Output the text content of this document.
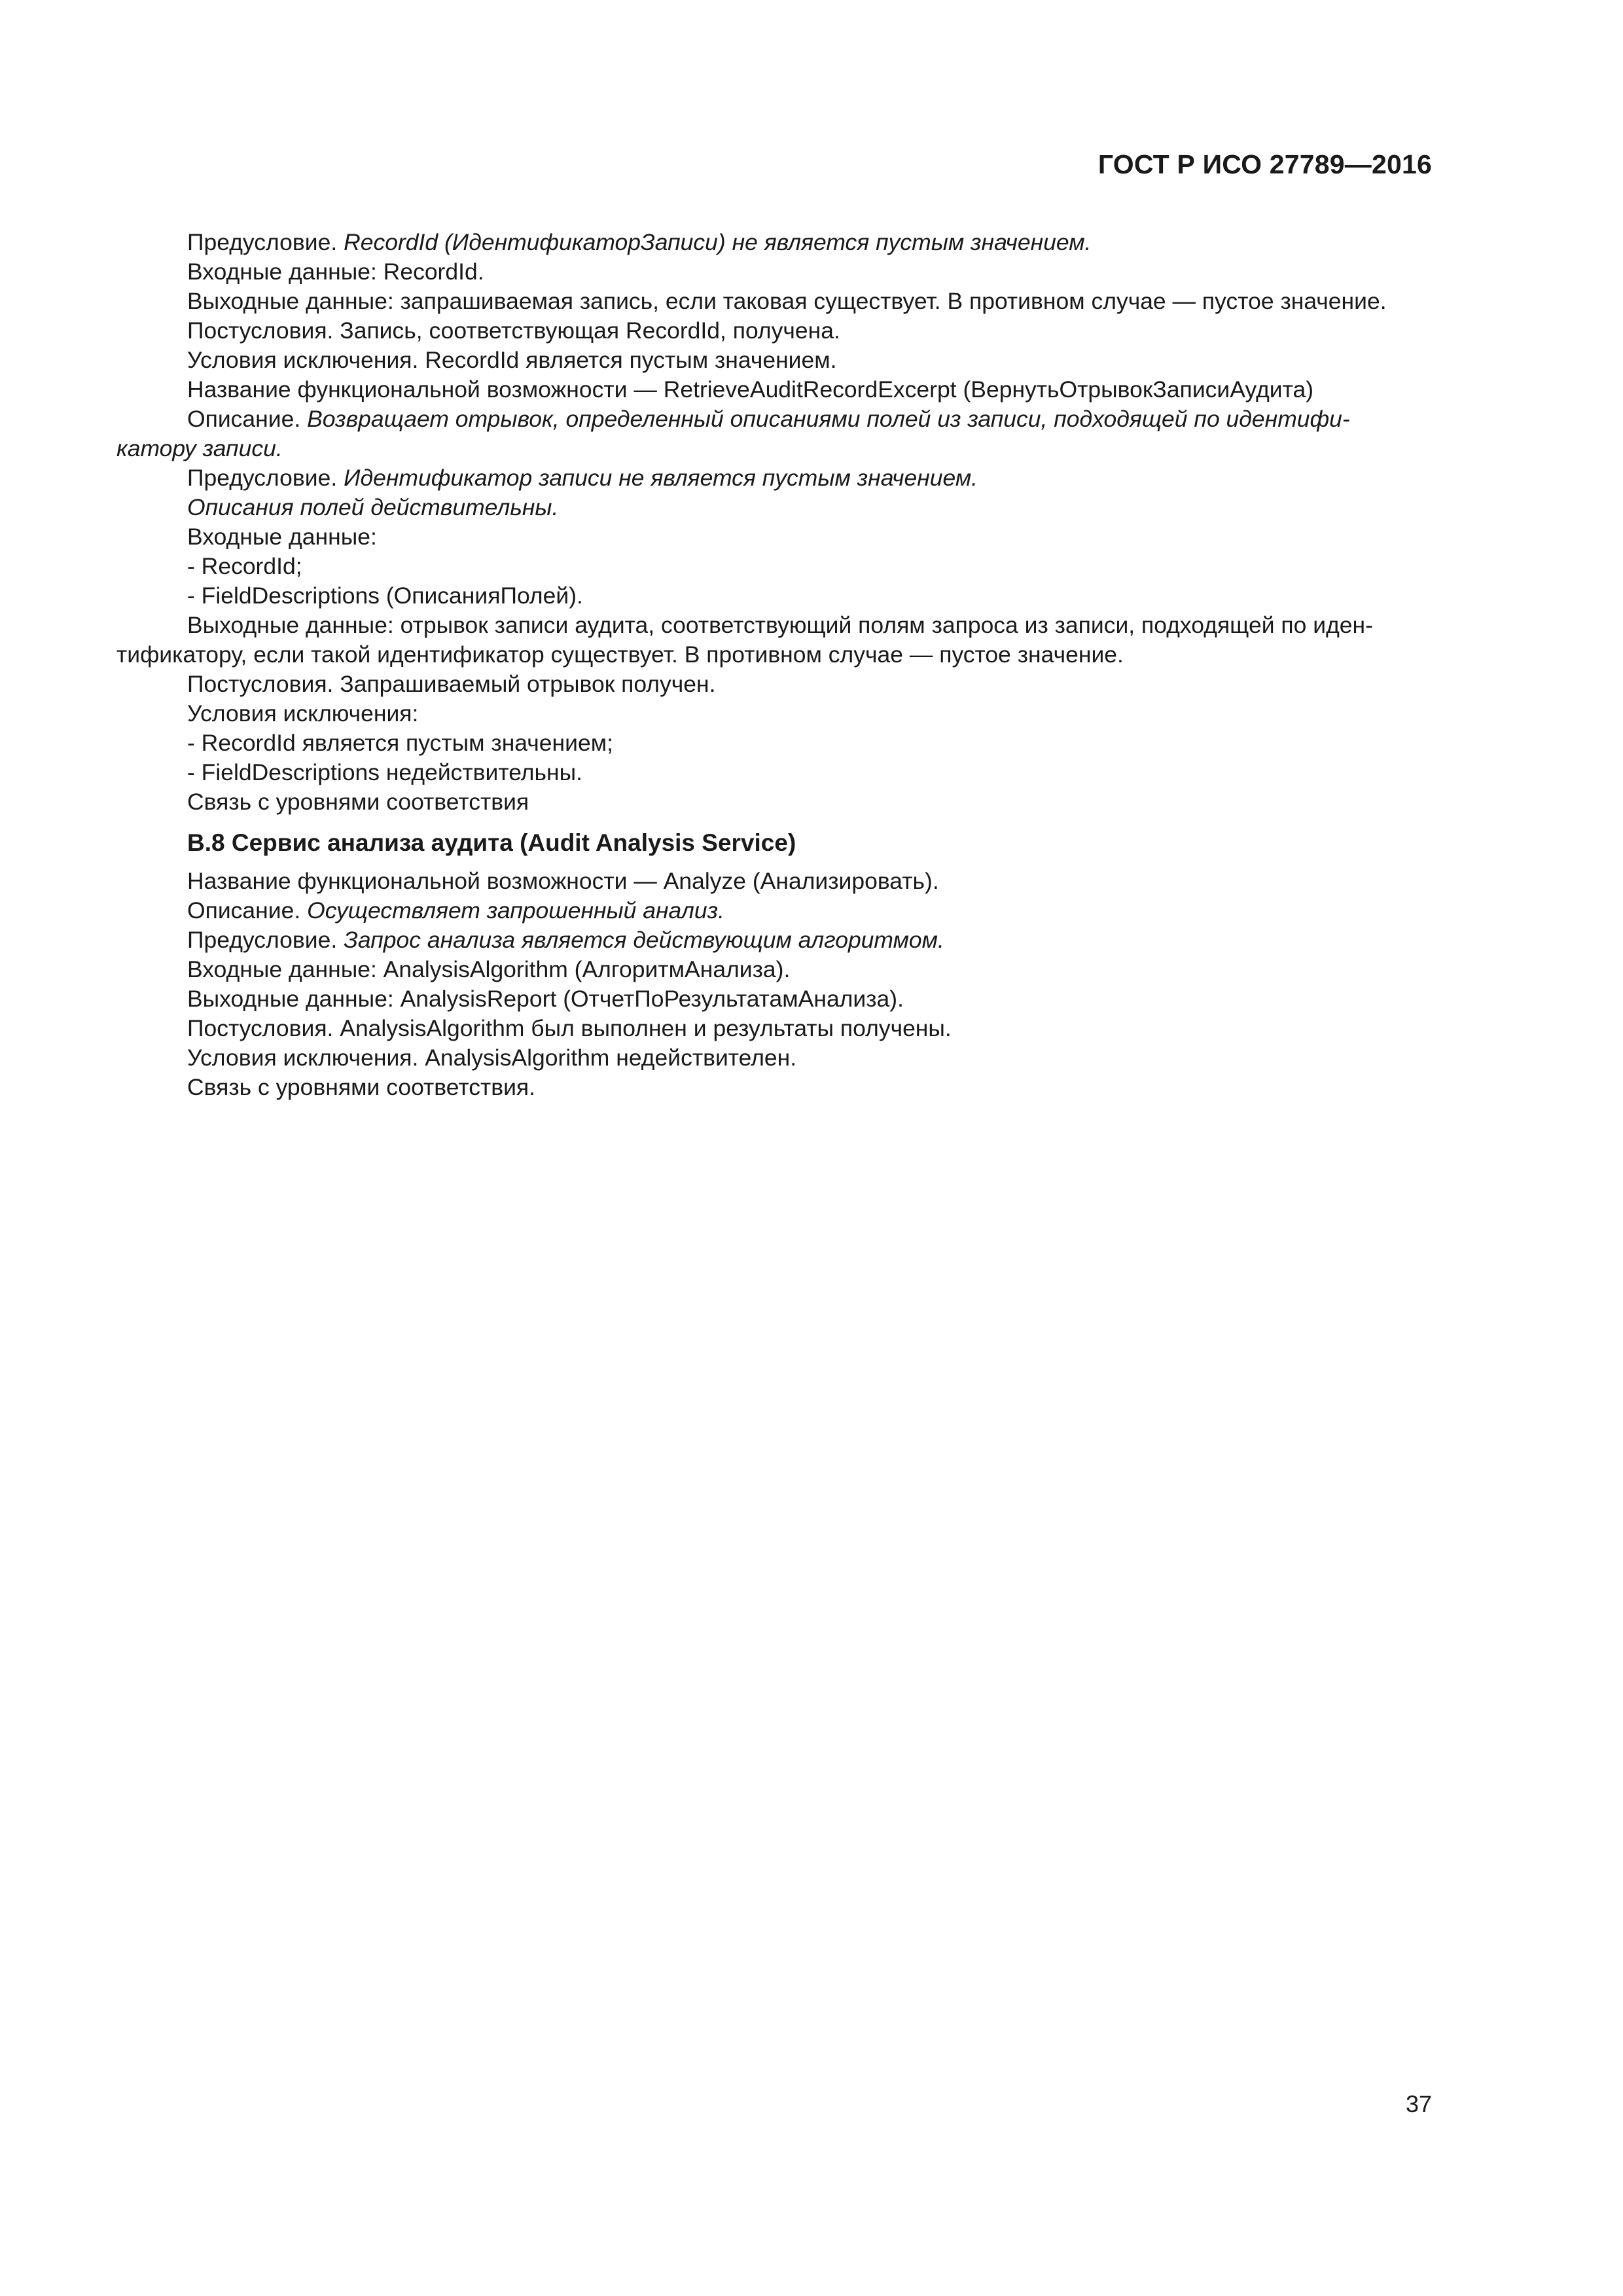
ГОСТ Р ИСО 27789—2016
Предусловие. RecordId (ИдентификаторЗаписи) не является пустым значением.
Входные данные: RecordId.
Выходные данные: запрашиваемая запись, если таковая существует. В противном случае — пустое значение.
Постусловия. Запись, соответствующая RecordId, получена.
Условия исключения. RecordId является пустым значением.
Название функциональной возможности — RetrieveAuditRecordExcerpt (ВернутьОтрывокЗаписиАудита)
Описание. Возвращает отрывок, определенный описаниями полей из записи, подходящей по идентифи-
катору записи.
Предусловие. Идентификатор записи не является пустым значением.
Описания полей действительны.
Входные данные:
- RecordId;
- FieldDescriptions (ОписанияПолей).
Выходные данные: отрывок записи аудита, соответствующий полям запроса из записи, подходящей по иден-
тификатору, если такой идентификатор существует. В противном случае — пустое значение.
Постусловия. Запрашиваемый отрывок получен.
Условия исключения:
- RecordId является пустым значением;
- FieldDescriptions недействительны.
Связь с уровнями соответствия
B.8 Сервис анализа аудита (Audit Analysis Service)
Название функциональной возможности — Analyze (Анализировать).
Описание. Осуществляет запрошенный анализ.
Предусловие. Запрос анализа является действующим алгоритмом.
Входные данные: AnalysisAlgorithm (АлгоритмАнализа).
Выходные данные: AnalysisReport (ОтчетПоРезультатамАнализа).
Постусловия. AnalysisAlgorithm был выполнен и результаты получены.
Условия исключения. AnalysisAlgorithm недействителен.
Связь с уровнями соответствия.
37
